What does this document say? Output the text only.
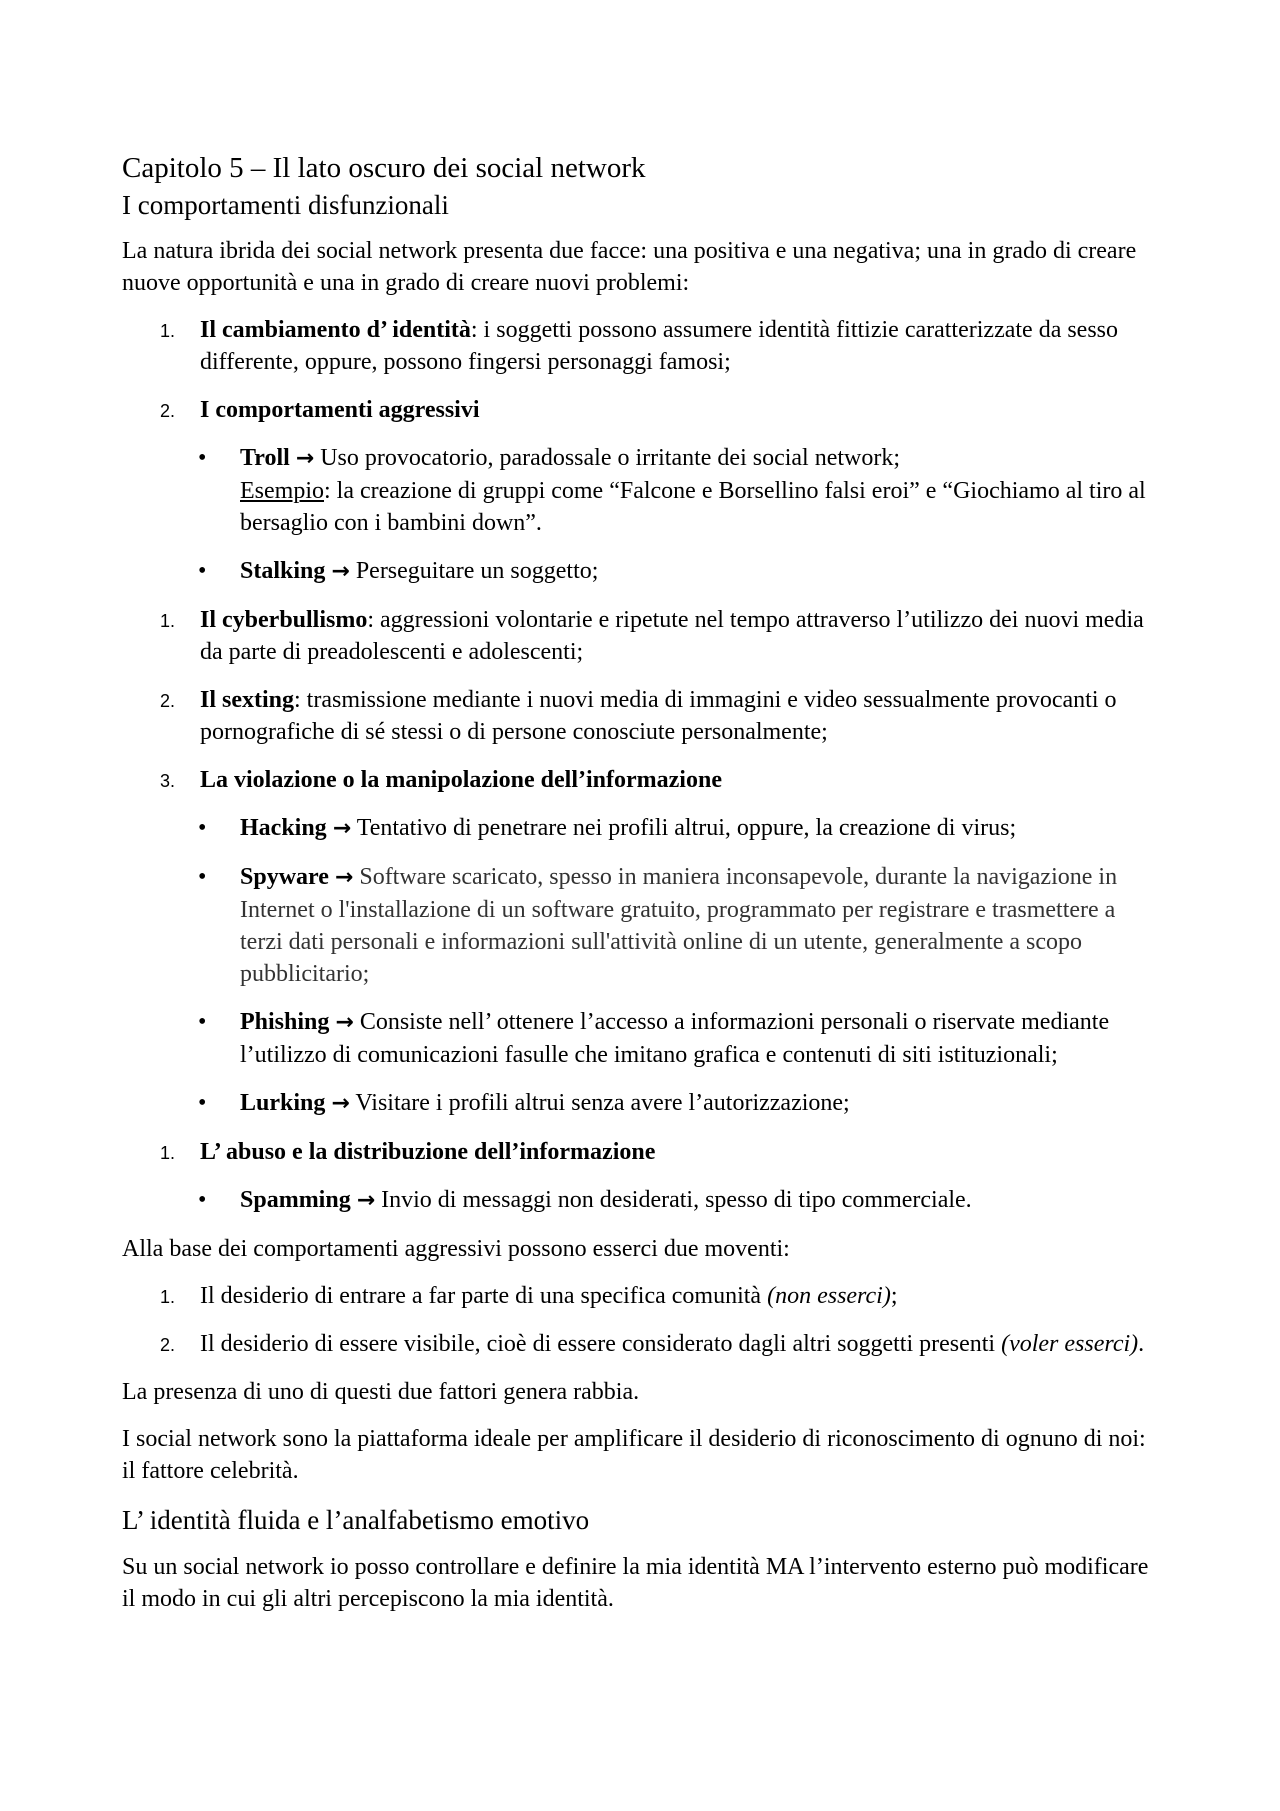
Capitolo 5 – Il lato oscuro dei social network
I comportamenti disfunzionali

La natura ibrida dei social network presenta due facce: una positiva e una negativa; una in grado di creare nuove opportunità e una in grado di creare nuovi problemi:

1. Il cambiamento d’ identità: i soggetti possono assumere identità fittizie caratterizzate da sesso differente, oppure, possono fingersi personaggi famosi;
2. I comportamenti aggressivi
• Troll → Uso provocatorio, paradossale o irritante dei social network;
Esempio: la creazione di gruppi come “Falcone e Borsellino falsi eroi” e “Giochiamo al tiro al bersaglio con i bambini down”.
• Stalking → Perseguitare un soggetto;
1. Il cyberbullismo: aggressioni volontarie e ripetute nel tempo attraverso l’utilizzo dei nuovi media da parte di preadolescenti e adolescenti;
2. Il sexting: trasmissione mediante i nuovi media di immagini e video sessualmente provocanti o pornografiche di sé stessi o di persone conosciute personalmente;
3. La violazione o la manipolazione dell’informazione
• Hacking → Tentativo di penetrare nei profili altrui, oppure, la creazione di virus;
• Spyware → Software scaricato, spesso in maniera inconsapevole, durante la navigazione in Internet o l'installazione di un software gratuito, programmato per registrare e trasmettere a terzi dati personali e informazioni sull'attività online di un utente, generalmente a scopo pubblicitario;
• Phishing → Consiste nell’ ottenere l’accesso a informazioni personali o riservate mediante l’utilizzo di comunicazioni fasulle che imitano grafica e contenuti di siti istituzionali;
• Lurking → Visitare i profili altrui senza avere l’autorizzazione;
1. L’ abuso e la distribuzione dell’informazione
• Spamming → Invio di messaggi non desiderati, spesso di tipo commerciale.

Alla base dei comportamenti aggressivi possono esserci due moventi:

1. Il desiderio di entrare a far parte di una specifica comunità (non esserci);
2. Il desiderio di essere visibile, cioè di essere considerato dagli altri soggetti presenti (voler esserci).

La presenza di uno di questi due fattori genera rabbia.

I social network sono la piattaforma ideale per amplificare il desiderio di riconoscimento di ognuno di noi: il fattore celebrità.

L’ identità fluida e l’analfabetismo emotivo

Su un social network io posso controllare e definire la mia identità MA l’intervento esterno può modificare il modo in cui gli altri percepiscono la mia identità.
